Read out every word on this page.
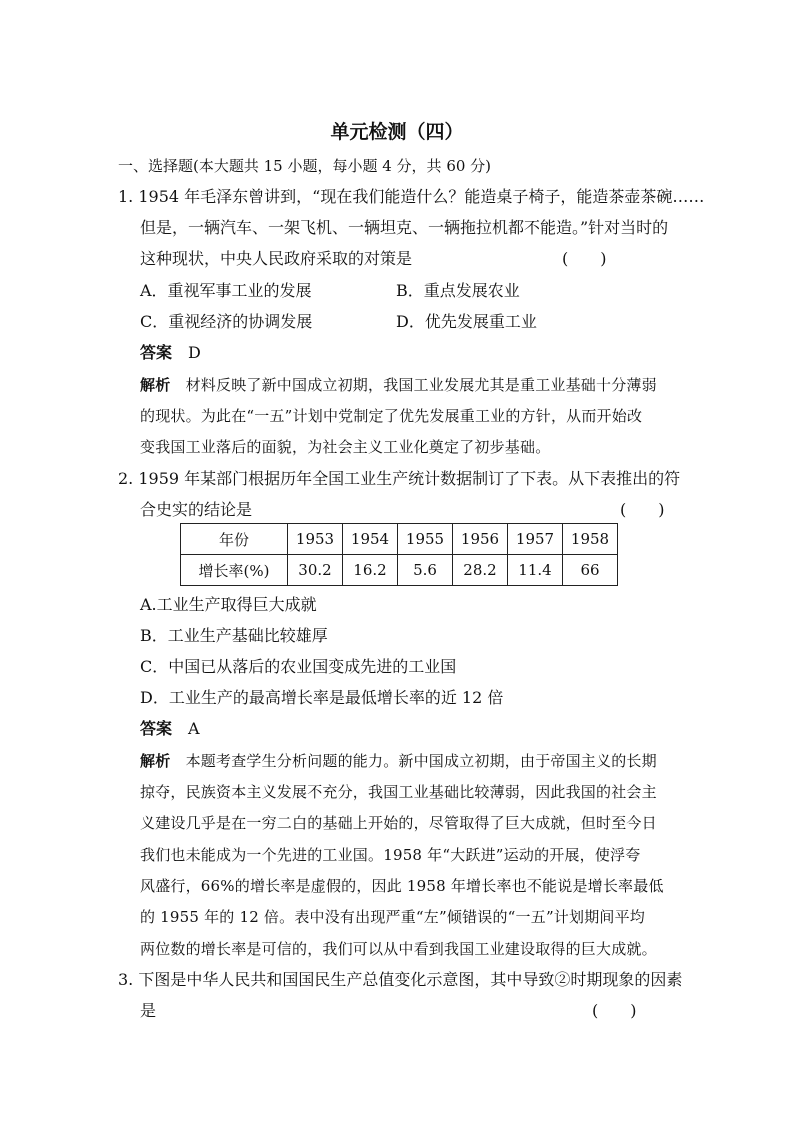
单元检测（四）
一、选择题(本大题共 15 小题，每小题 4 分，共 60 分)
1. 1954 年毛泽东曾讲到，“现在我们能造什么？能造桌子椅子，能造茶壶茶碗……
但是，一辆汽车、一架飞机、一辆坦克、一辆拖拉机都不能造。”针对当时的
这种现状，中央人民政府采取的对策是	(　　)
A．重视军事工业的发展	B．重点发展农业
C．重视经济的协调发展	D．优先发展重工业
答案　 D
解析　 材料反映了新中国成立初期，我国工业发展尤其是重工业基础十分薄弱
的现状。为此在“一五”计划中党制定了优先发展重工业的方针，从而开始改
变我国工业落后的面貌，为社会主义工业化奠定了初步基础。
2. 1959 年某部门根据历年全国工业生产统计数据制订了下表。从下表推出的符
合史实的结论是	(　　)
年份	1953	1954	1955	1956	1957	1958
增长率(%)	30.2	16.2	5.6	28.2	11.4	66
A.工业生产取得巨大成就
B．工业生产基础比较雄厚
C．中国已从落后的农业国变成先进的工业国
D．工业生产的最高增长率是最低增长率的近 12 倍
答案　 A
解析　 本题考查学生分析问题的能力。新中国成立初期，由于帝国主义的长期
掠夺，民族资本主义发展不充分，我国工业基础比较薄弱，因此我国的社会主
义建设几乎是在一穷二白的基础上开始的，尽管取得了巨大成就，但时至今日
我们也未能成为一个先进的工业国。1958 年“大跃进”运动的开展，使浮夸
风盛行，66%的增长率是虚假的，因此 1958 年增长率也不能说是增长率最低
的 1955 年的 12 倍。表中没有出现严重“左”倾错误的“一五”计划期间平均
两位数的增长率是可信的，我们可以从中看到我国工业建设取得的巨大成就。
3. 下图是中华人民共和国国民生产总值变化示意图，其中导致②时期现象的因素
是	(　　)
